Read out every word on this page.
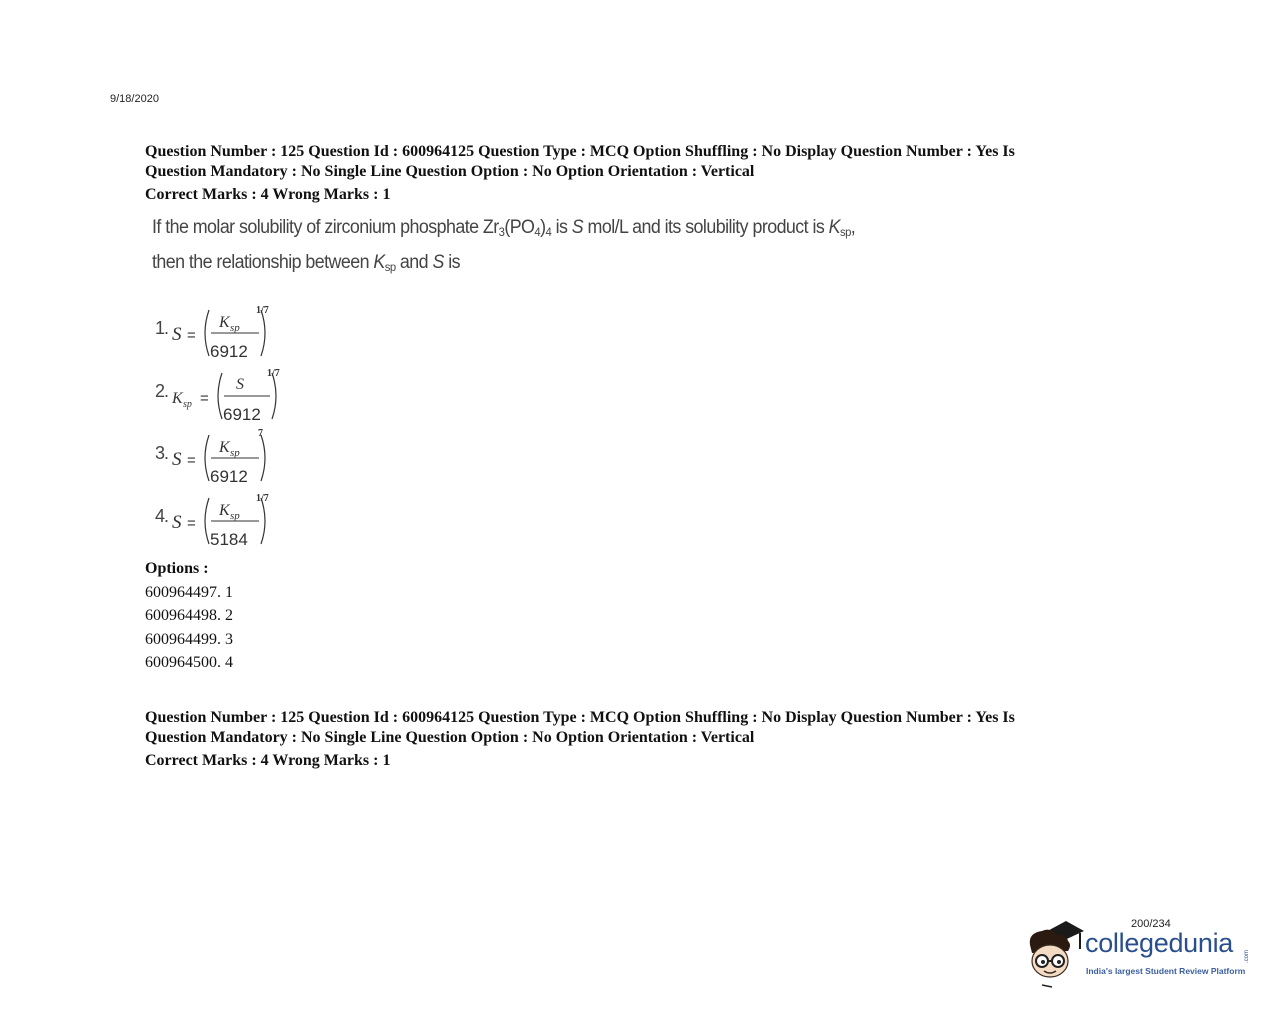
9/18/2020
Question Number : 125 Question Id : 600964125 Question Type : MCQ Option Shuffling : No Display Question Number : Yes Is
Question Mandatory : No Single Line Question Option : No Option Orientation : Vertical
Correct Marks : 4 Wrong Marks : 1
If the molar solubility of zirconium phosphate $Zr_3(PO_4)_4$ is S mol/L and its solubility product is $K_{sp}$,
then the relationship between $K_{sp}$ and S is
1. S =
K sp
6912
1/7
2. K sp =
S
6912
1/7
3. S =
K sp
6912
7
4. S =
K sp
5184
1/7
Options :
600964497. 1
600964498. 2
600964499. 3
600964500. 4
Question Number : 125 Question Id : 600964125 Question Type : MCQ Option Shuffling : No Display Question Number : Yes Is
Question Mandatory : No Single Line Question Option : No Option Orientation : Vertical
Correct Marks : 4 Wrong Marks : 1
200/234
.com
collegedunia
India's largest Student Review Platform
